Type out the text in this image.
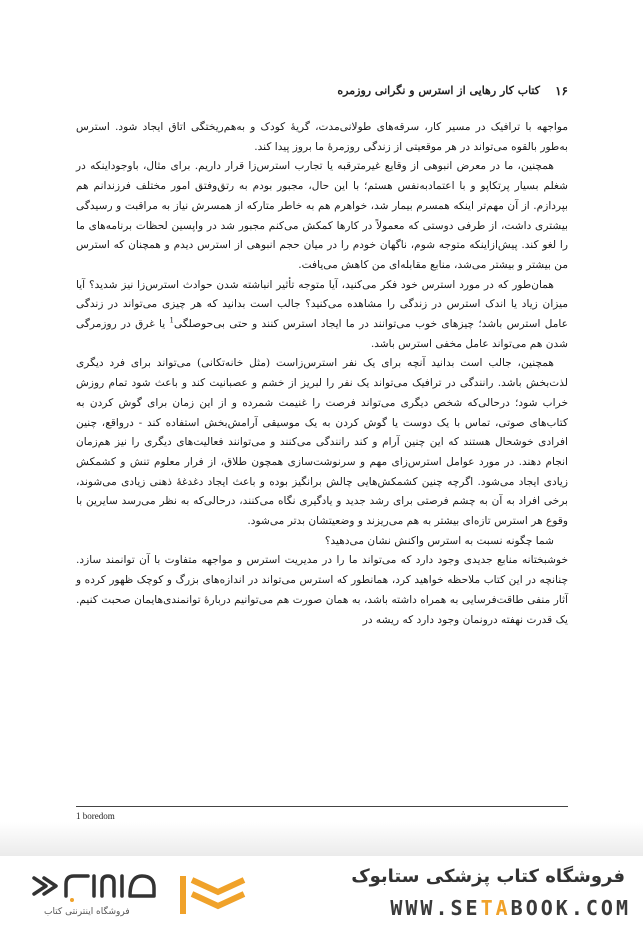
۱۶
کتاب کار رهایی از استرس و نگرانی روزمره

مواجهه با ترافیک در مسیر کار، سرقه‌های طولانی‌مدت، گریهٔ کودک و به‌هم‌ریختگی اتاق ایجاد شود. استرس به‌طور بالقوه می‌تواند در هر موقعیتی از زندگی روزمرهٔ ما بروز پیدا کند.

همچنین، ما در معرض انبوهی از وقایع غیرمترقبه یا تجارب استرس‌زا قرار داریم. برای مثال، باوجوداینکه در شغلم بسیار پرتکاپو و با اعتمادبه‌نفس هستم؛ با این حال، مجبور بودم به رتق‌وفتق امور مختلف فرزندانم هم بپردازم. از آن مهم‌تر اینکه همسرم بیمار شد، خواهرم هم به خاطر متارکه از همسرش نیاز به مراقبت و رسیدگی بیشتری داشت، از طرفی دوستی که معمولاً در کارها کمکش می‌کنم مجبور شد در واپسین لحظات برنامه‌های ما را لغو کند. پیش‌ازاینکه متوجه شوم، ناگهان خودم را در میان حجم انبوهی از استرس دیدم و همچنان که استرس من بیشتر و بیشتر می‌شد، منابع مقابله‌ای من کاهش می‌یافت.

همان‌طور که در مورد استرس خود فکر می‌کنید، آیا متوجه تأثیر انباشته شدن حوادث استرس‌زا نیز شدید؟ آیا میزان زیاد یا اندک استرس در زندگی را مشاهده می‌کنید؟ جالب است بدانید که هر چیزی می‌تواند در زندگی عامل استرس باشد؛ چیزهای خوب می‌توانند در ما ایجاد استرس کنند و حتی بی‌حوصلگی$^1$ یا غرق در روزمرگی شدن هم می‌تواند عامل مخفی استرس باشد.

همچنین، جالب است بدانید آنچه برای یک نفر استرس‌زاست (مثل خانه‌تکانی) می‌تواند برای فرد دیگری لذت‌بخش باشد. رانندگی در ترافیک می‌تواند یک نفر را لبریز از خشم و عصبانیت کند و باعث شود تمام روزش خراب شود؛ درحالی‌که شخص دیگری می‌تواند فرصت را غنیمت شمرده و از این زمان برای گوش کردن به کتاب‌های صوتی، تماس با یک دوست یا گوش کردن به یک موسیقی آرامش‌بخش استفاده کند - درواقع، چنین افرادی خوشحال هستند که این چنین آرام و کند رانندگی می‌کنند و می‌توانند فعالیت‌های دیگری را نیز هم‌زمان انجام دهند. در مورد عوامل استرس‌زای مهم و سرنوشت‌سازی همچون طلاق، از فرار معلوم تنش و کشمکش زیادی ایجاد می‌شود. اگرچه چنین کشمکش‌هایی چالش برانگیز بوده و باعث ایجاد دغدغهٔ ذهنی زیادی می‌شوند، برخی افراد به آن به چشم فرصتی برای رشد جدید و یادگیری نگاه می‌کنند، درحالی‌که به نظر می‌رسد سایرین با وقوع هر استرس تازه‌ای بیشتر به هم می‌ریزند و وضعیتشان بدتر می‌شود.

شما چگونه نسبت به استرس واکنش نشان می‌دهید؟

خوشبختانه منابع جدیدی وجود دارد که می‌تواند ما را در مدیریت استرس و مواجهه متفاوت با آن توانمند سازد. چنانچه در این کتاب ملاحظه خواهید کرد، همانطور که استرس می‌تواند در اندازه‌های بزرگ و کوچک ظهور کرده و آثار منفی طاقت‌فرسایی به همراه داشته باشد، به همان صورت هم می‌توانیم دربارهٔ توانمندی‌هایمان صحبت کنیم. یک قدرت نهفته درونمان وجود دارد که ریشه در

1 boredom
فروشگاه اینترنتی کتاب
فروشگاه کتاب پزشکی ستابوک
WWW.SETABOOK.COM
